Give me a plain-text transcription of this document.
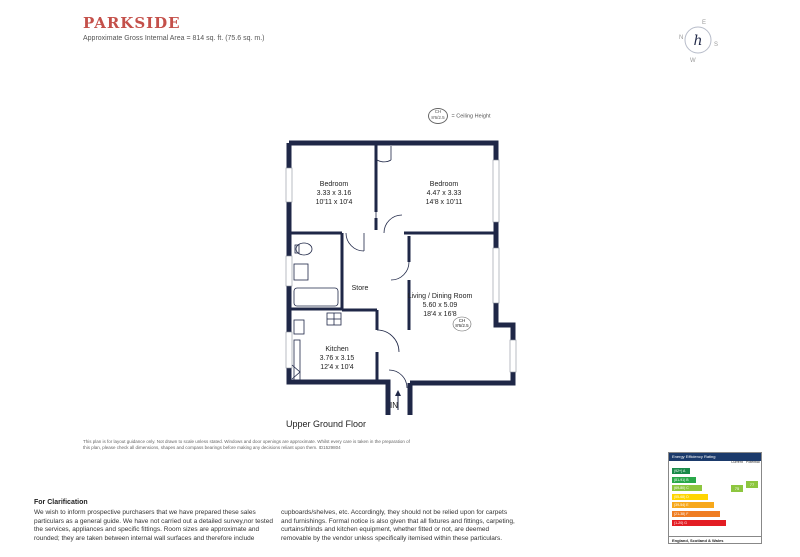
PARKSIDE
Approximate Gross Internal Area = 814 sq. ft. (75.6 sq. m.)	h
E
N
S
W
CH
8'6/2.5 = Ceiling Height
Bedroom
3.33 x 3.16
10'11 x 10'4
Bedroom
4.47 x 3.33
14'8 x 10'11
Store
Living / Dining Room
5.60 x 5.09
18'4 x 16'8
CH
8'6/2.5
Kitchen
3.76 x 3.15
12'4 x 10'4
IN
Upper Ground Floor
This plan is for layout guidance only. Not drawn to scale unless stated. Windows and door openings are approximate. Whilst every care is taken in the preparation of this plan, please check all dimensions, shapes and compass bearings before making any decisions reliant upon them. ID1529804
Energy Efficiency Rating
Current Potential
(92+) A
(81-91) B
(69-80) C
(55-68) D
(39-54) E
(21-38) F
(1-20) G
75
77
England, Scotland & Wales
For Clarification
We wish to inform prospective purchasers that we have prepared these sales particulars as a general guide. We have not carried out a detailed survey,nor tested the services, appliances and specific fittings. Room sizes are approximate and rounded; they are taken between internal wall surfaces and therefore include
cupboards/shelves, etc. Accordingly, they should not be relied upon for carpets and furnishings. Formal notice is also given that all fixtures and fittings, carpeting, curtains/blinds and kitchen equipment, whether fitted or not, are deemed removable by the vendor unless specifically itemised within these particulars.
